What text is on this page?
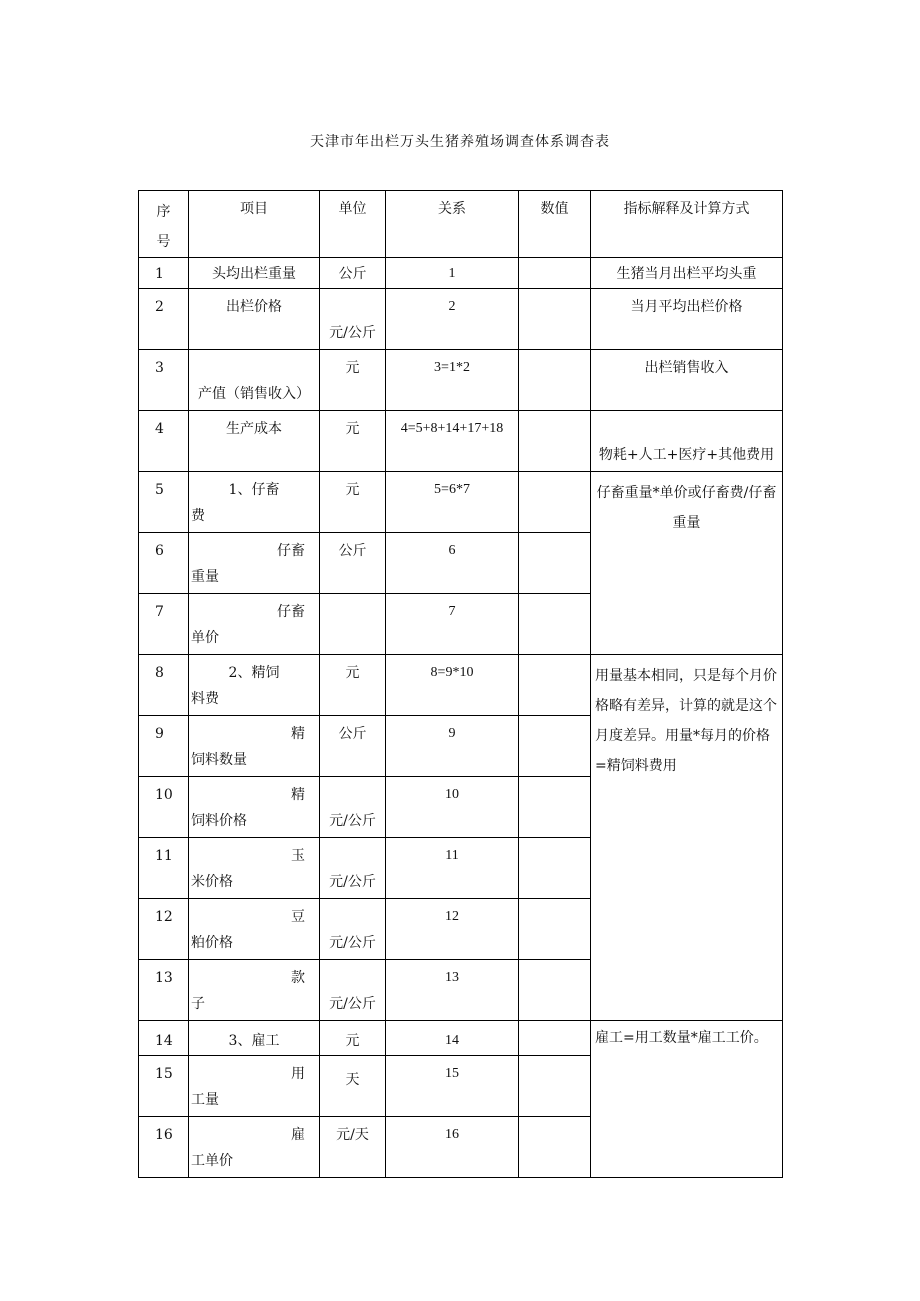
天津市年出栏万头生猪养殖场调查体系调杳表
序
号	项目	单位	关系	数值	指标解释及计算方式
1	头均出栏重量	公斤	1		生猪当月出栏平均头重
2	出栏价格	元/公斤	2		当月平均出栏价格
3	产值（销售收入）	元	3=1*2		出栏销售收入
4	生产成本	元	4=5+8+14+17+18		物耗+人工+医疗+其他费用

5	1、仔畜
费	元	5=6*7		仔畜重量*单价或仔畜费/仔畜重量
6	仔畜
重量	公斤	6		
7	仔畜
单价		7		
8	2、精饲
料费	元	8=9*10		用量基本相同，只是每个月价格略有差异，计算的就是这个月度差异。用量*每月的价格=精饲料费用
9	精
饲料数量	公斤	9		
10	精
饲料价格	元/公斤	10		
11	玉
米价格	元/公斤	11		
12	豆
粕价格	元/公斤	12		
13	款
子	元/公斤	13		
14	3、雇工	元	14		雇工=用工数量*雇工工价。
15	用
工量	天	15		
16	雇
工单价	元/天	16		
